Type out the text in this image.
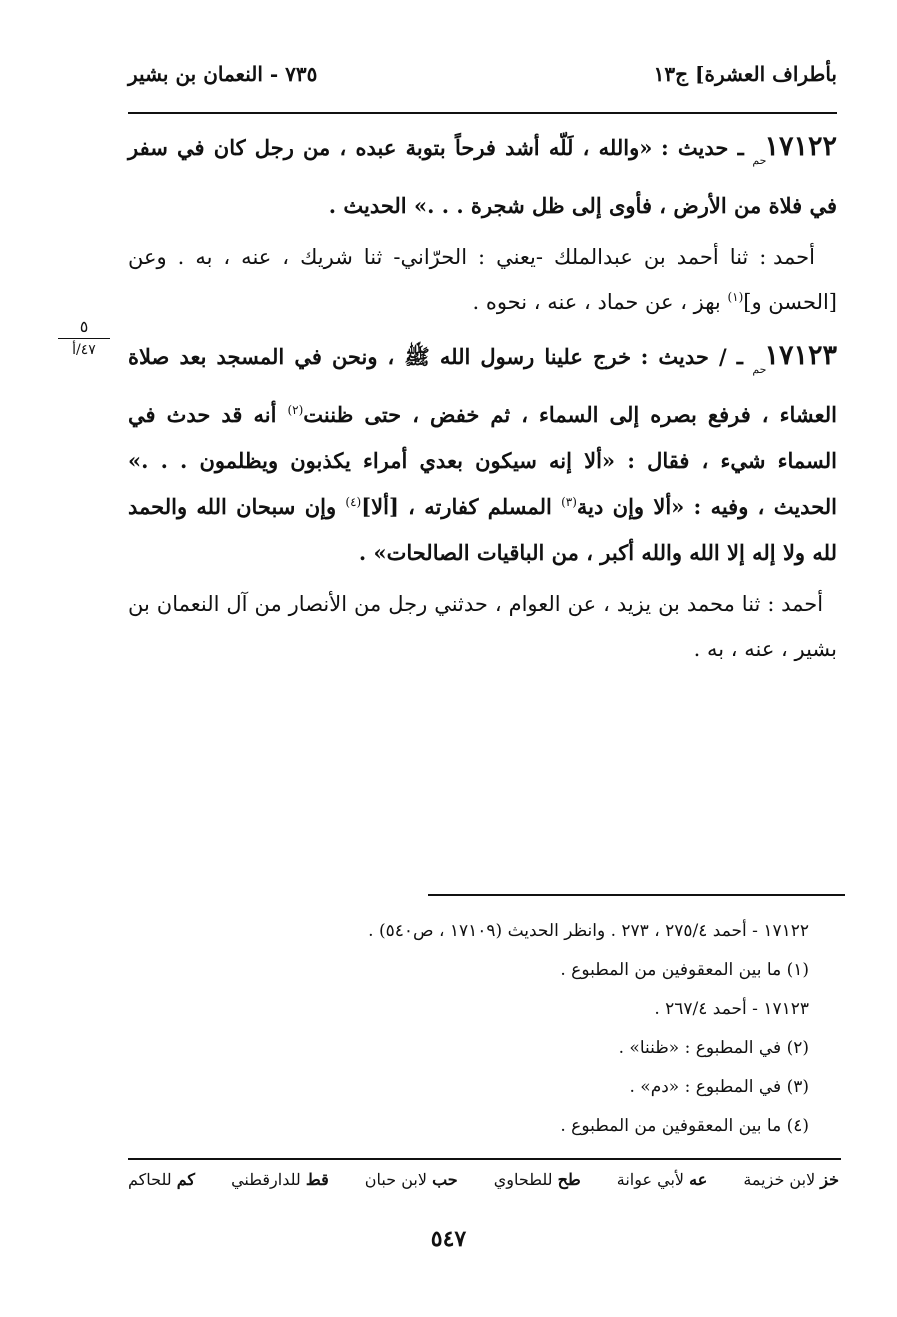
بأطراف العشرة] ج١٣
٧٣٥ - النعمان بن بشير

$١٧١٢٢_{حم}$ ـ حديث : «والله ، لَلّه أشد فرحاً بتوبة عبده ، من رجل كان في سفر في فلاة من الأرض ، فأوى إلى ظل شجرة . . .» الحديث .

أحمد : ثنا أحمد بن عبدالملك -يعني : الحرّاني- ثنا شريك ، عنه ، به . وعن [الحسن و]$^{(١)}$ بهز ، عن حماد ، عنه ، نحوه .

$١٧١٢٣_{حم}$ ـ / حديث : خرج علينا رسول الله ﷺ ، ونحن في المسجد بعد صلاة العشاء ، فرفع بصره إلى السماء ، ثم خفض ، حتى ظننت$^{(٢)}$ أنه قد حدث في السماء شيء ، فقال : «ألا إنه سيكون بعدي أمراء يكذبون ويظلمون . . .» الحديث ، وفيه : «ألا وإن دية$^{(٣)}$ المسلم كفارته ، [ألا]$^{(٤)}$ وإن سبحان الله والحمد لله ولا إله إلا الله والله أكبر ، من الباقيات الصالحات» .

أحمد : ثنا محمد بن يزيد ، عن العوام ، حدثني رجل من الأنصار من آل النعمان بن بشير ، عنه ، به .

٥
٤٧/أ

١٧١٢٢ - أحمد ٢٧٥/٤ ، ٢٧٣ . وانظر الحديث (١٧١٠٩ ، ص٥٤٠) .

(١) ما بين المعقوفين من المطبوع .

١٧١٢٣ - أحمد ٢٦٧/٤ .

(٢) في المطبوع : «ظننا» .

(٣) في المطبوع : «دم» .

(٤) ما بين المعقوفين من المطبوع .

خز لابن خزيمة
عه لأبي عوانة
طح للطحاوي
حب لابن حبان
قط للدارقطني
كم للحاكم
٥٤٧
